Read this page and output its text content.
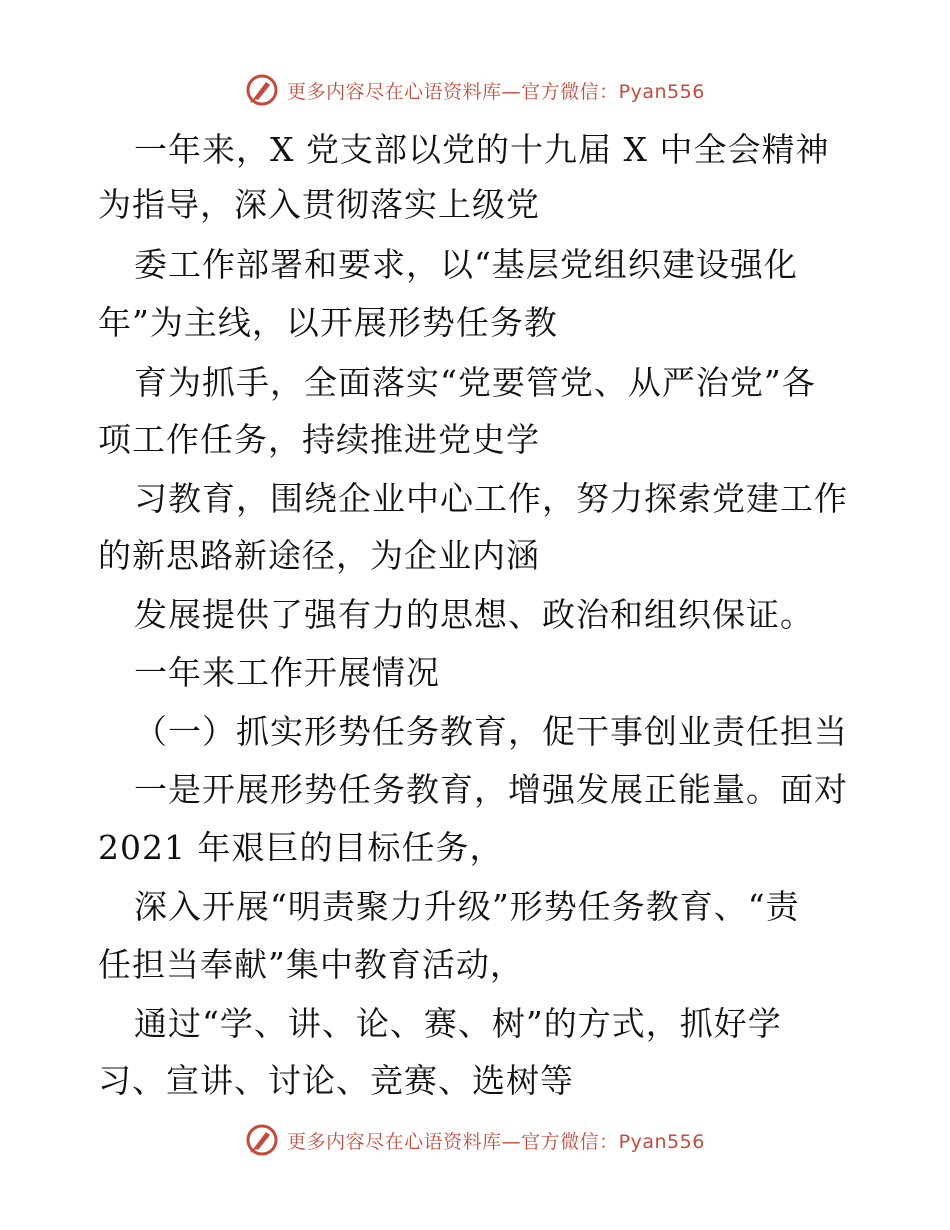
更多内容尽在心语资料库—官方微信：Pyan556
一年来，X 党支部以党的十九届 X 中全会精神
为指导，深入贯彻落实上级党
委工作部署和要求，以“基层党组织建设强化
年”为主线，以开展形势任务教
育为抓手，全面落实“党要管党、从严治党”各
项工作任务，持续推进党史学
习教育，围绕企业中心工作，努力探索党建工作
的新思路新途径，为企业内涵
发展提供了强有力的思想、政治和组织保证。
一年来工作开展情况
（一）抓实形势任务教育，促干事创业责任担当
一是开展形势任务教育，增强发展正能量。面对
2021 年艰巨的目标任务，
深入开展“明责聚力升级”形势任务教育、“责
任担当奉献”集中教育活动，
通过“学、讲、论、赛、树”的方式，抓好学
习、宣讲、讨论、竞赛、选树等
更多内容尽在心语资料库—官方微信：Pyan556
